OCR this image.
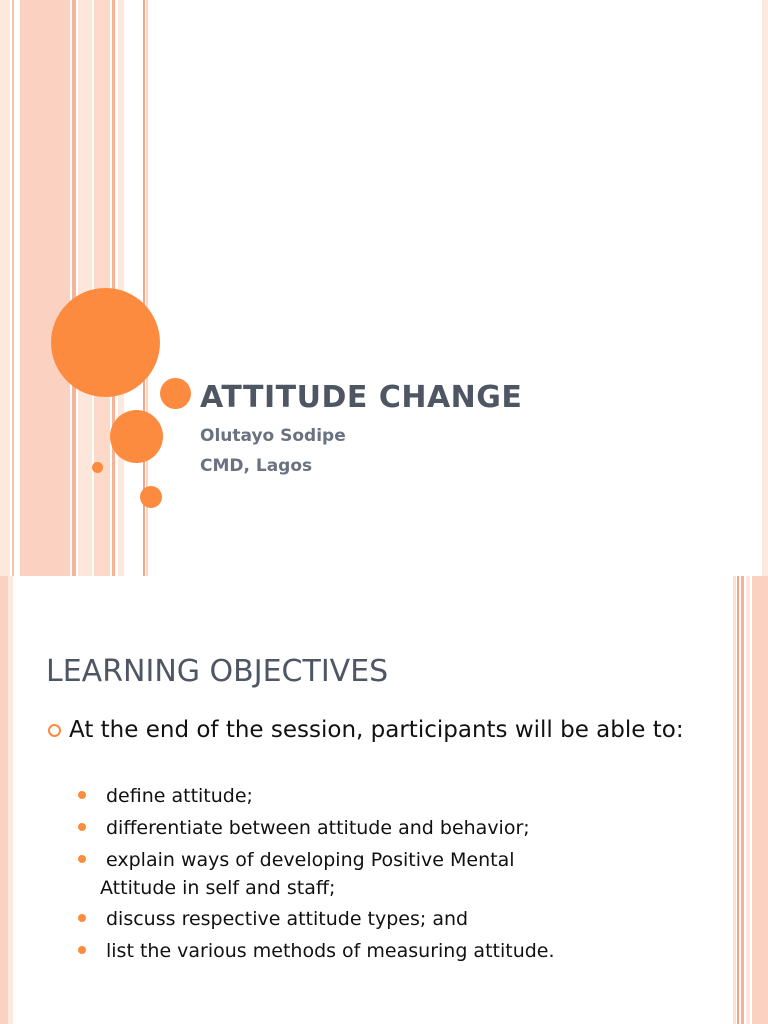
ATTITUDE CHANGE
Olutayo Sodipe
CMD, Lagos
LEARNING OBJECTIVES
At the end of the session, participants will be able to:
define attitude;
differentiate between attitude and behavior;
explain ways of developing Positive Mental
Attitude in self and staff;
discuss respective attitude types; and
list the various methods of measuring attitude.
